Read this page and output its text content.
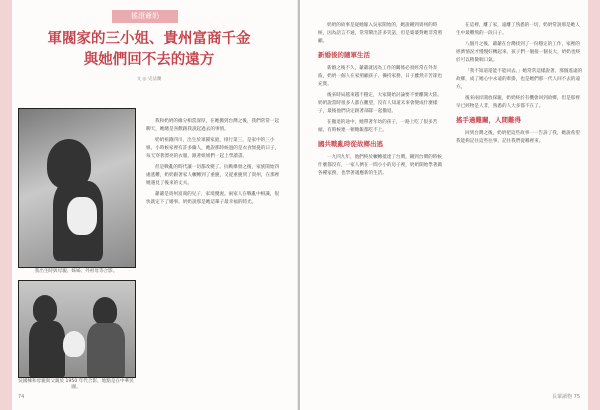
搖滾爺奶
軍閥家的三小姐、貴州富商千金
與她們回不去的遠方
文 ◎ 史法蘭
我出生時與母親、姊姊、外祖母等合影。
吳國棟和母親與父親於 1950 年代合影，地點是在中華民國。

我和奶奶的緣分相當深厚，在她搬到台灣之後，我們常常一起聊天，她總是喜歡跟我說起過去的事情。

奶奶祖籍四川，出生於軍閥家庭，排行第三，是家中的三小姐。小時候家裡有許多傭人，她說那時候過的是衣食無憂的日子，每天穿著漂亮的衣服，跟著姐姐們一起上學讀書。

但是戰亂的時代讓一切都改變了。抗戰爆發之後，家族開始四處逃難，奶奶跟著家人輾轉到了重慶，又從重慶到了貴州，在那裡她遇見了後來的丈夫。

爺爺是貴州富商的兒子，家境優渥。兩家人在戰亂中相識，很快就定下了婚事。奶奶說那是她這輩子最幸福的時光。

74

奶奶的故事是從她嫁入吳家開始的，她說剛到貴州的時候，因為語言不通，常常鬧出許多笑話，但是婆婆對她非常照顧。

新婚後的隨軍生活

新婚之後不久，爺爺就因為工作的關係必須經常在外奔波，奶奶一個人在家照顧孩子、操持家務，日子雖然辛苦卻也充實。

後來時局越來越不穩定，大家開始討論要不要離開大陸。奶奶說當時很多人都在觀望，沒有人知道未來會變成什麼樣子，最後他們決定跟著部隊一起撤退。

在撤退的途中，她帶著年幼的孩子，一路上吃了很多苦頭，有時候連一頓飽飯都吃不上。

國共戰亂時從故鄉出逃

一九四九年，他們終於輾轉抵達了台灣。剛到台灣的時候什麼都沒有，一家人擠在一間小小的房子裡，奶奶開始學著做各種家務，也學著適應新的生活。

在這裡，離了家，遠離了熟悉的一切，奶奶常說那是她人生中最難熬的一段日子。

八個月之後，爺爺在台灣找到了一份穩定的工作，家裡的經濟情況才慢慢好轉起來。孩子們一個接一個長大，奶奶也終於可以稍微喘口氣。

「我不知道還能不能回去。」她常常這樣說著。那個遙遠的故鄉，成了她心中永遠的牽掛，也是她們那一代人回不去的遠方。

後來兩岸開放探親，奶奶終於有機會回到故鄉，但是那裡早已經物是人非，熟悉的人大多都不在了。

搖手過難關，人間難得

回到台灣之後，奶奶把這些故事一一告訴了我，她說希望我能夠記住這些往事，記住我們從哪裡來。

長輩讀物 75
